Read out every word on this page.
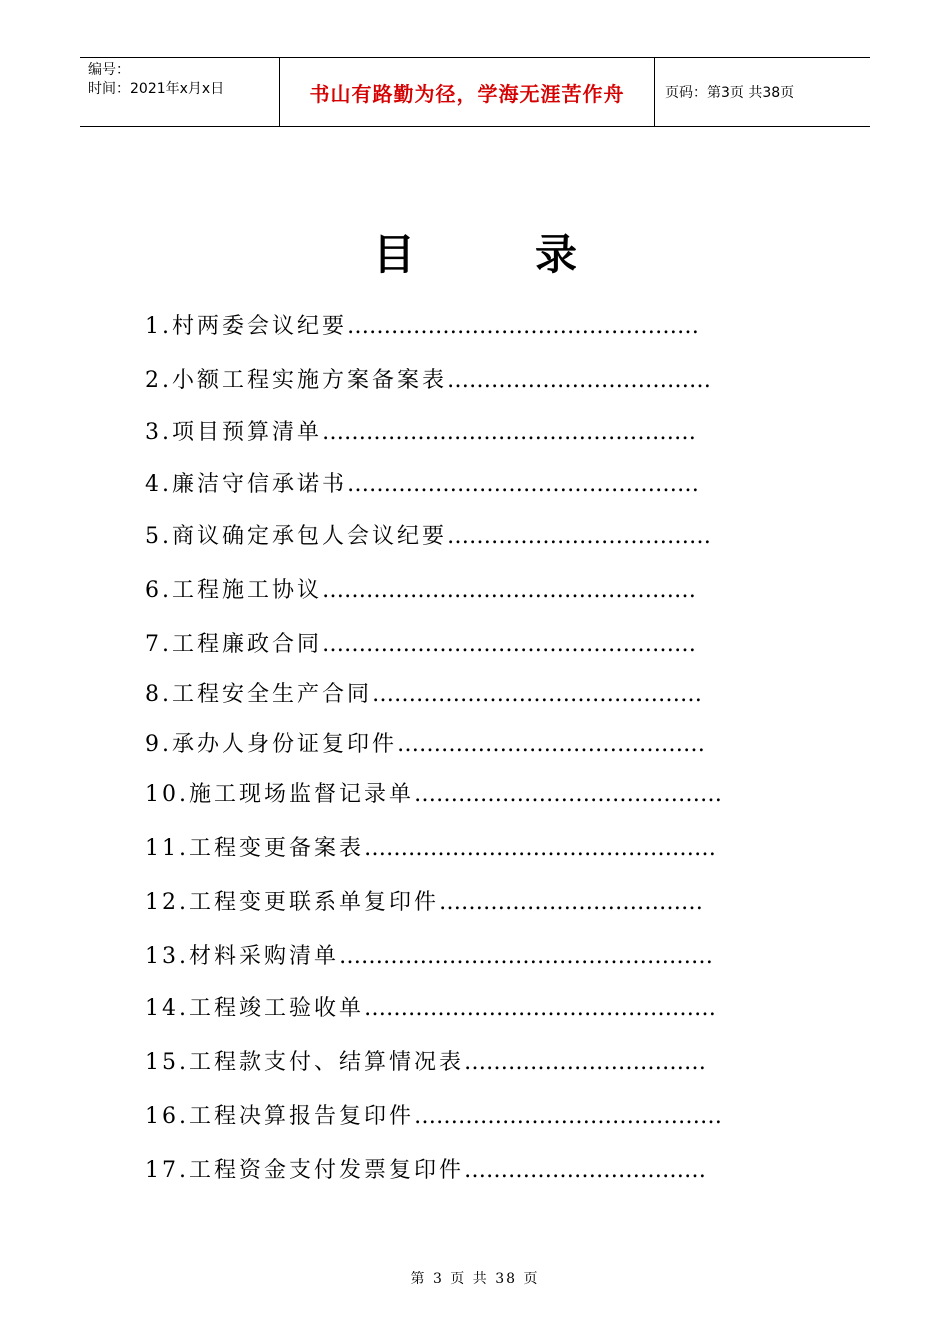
编号：
时间：2021年x月x日	书山有路勤为径，学海无涯苦作舟	页码：第3页 共38页
目	录
1.村两委会议纪要…………………………………………
2.小额工程实施方案备案表………………………………
3.项目预算清单……………………………………………
4.廉洁守信承诺书…………………………………………
5.商议确定承包人会议纪要………………………………
6.工程施工协议……………………………………………
7.工程廉政合同……………………………………………
8.工程安全生产合同………………………………………
9.承办人身份证复印件……………………………………
10.施工现场监督记录单……………………………………
11.工程变更备案表…………………………………………
12.工程变更联系单复印件………………………………
13.材料采购清单……………………………………………
14.工程竣工验收单…………………………………………
15.工程款支付、结算情况表……………………………
16.工程决算报告复印件……………………………………
17.工程资金支付发票复印件……………………………
第 3 页 共 38 页
